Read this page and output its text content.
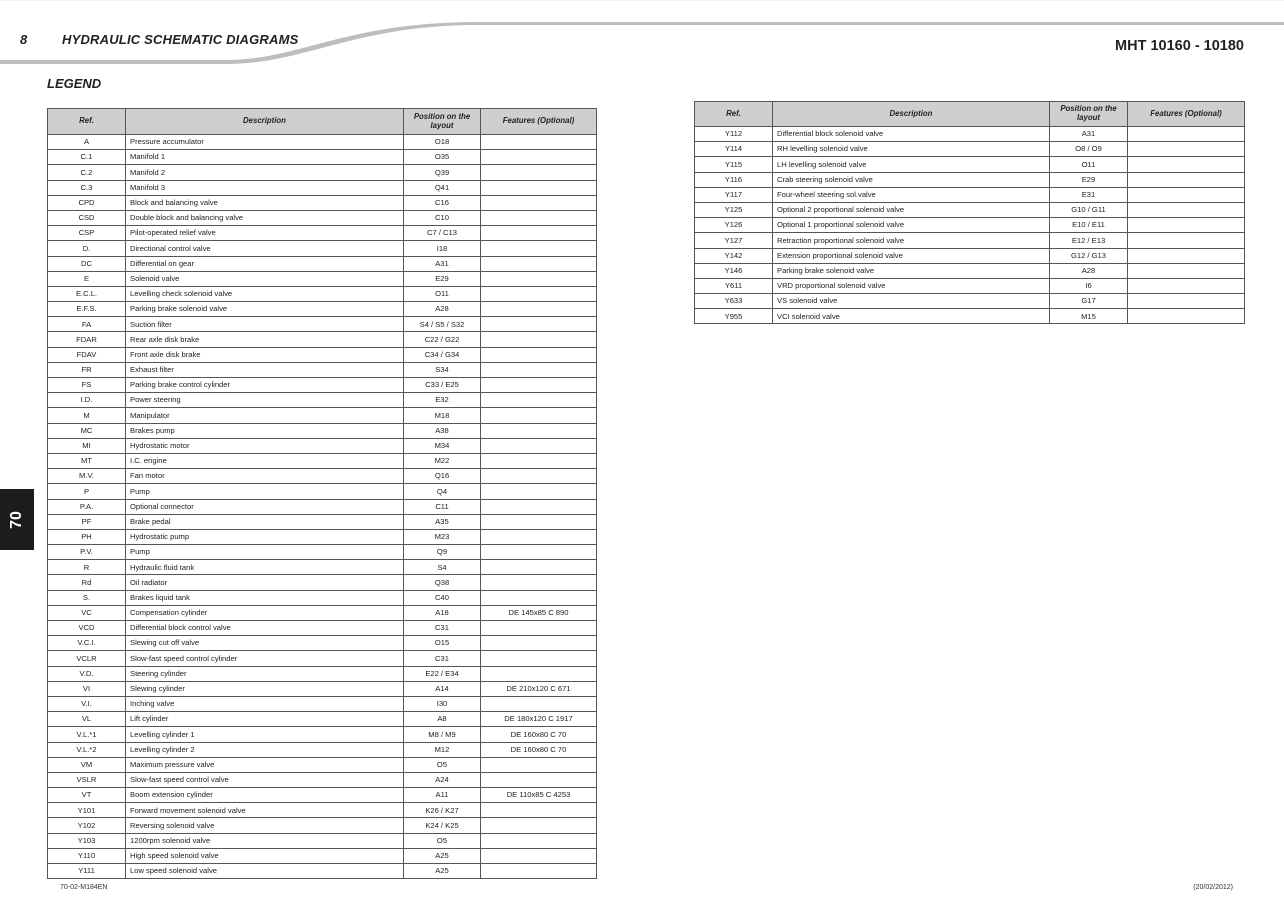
8	HYDRAULIC SCHEMATIC DIAGRAMS	MHT 10160 - 10180
LEGEND
70
Ref.	Description	Position on the layout	Features (Optional)
A	Pressure accumulator	O18	
C.1	Manifold 1	O35	
C.2	Manifold 2	Q39	
C.3	Manifold 3	Q41	
CPD	Block and balancing valve	C16	
CSD	Double block and balancing valve	C10	
CSP	Pilot-operated relief valve	C7 / C13	
D.	Directional control valve	I18	
DC	Differential on gear	A31	
E	Solenoid valve	E29	
E.C.L.	Levelling check solenoid valve	O11	
E.F.S.	Parking brake solenoid valve	A28	
FA	Suction filter	S4 / S5 / S32	
FDAR	Rear axle disk brake	C22 / G22	
FDAV	Front axle disk brake	C34 / G34	
FR	Exhaust filter	S34	
FS	Parking brake control cylinder	C33 / E25	
I.D.	Power steering	E32	
M	Manipulator	M18	
MC	Brakes pump	A38	
MI	Hydrostatic motor	M34	
MT	I.C. engine	M22	
M.V.	Fan motor	Q16	
P	Pump	Q4	
P.A.	Optional connector	C11	
PF	Brake pedal	A35	
PH	Hydrostatic pump	M23	
P.V.	Pump	Q9	
R	Hydraulic fluid tank	S4	
Rd	Oil radiator	Q38	
S.	Brakes liquid tank	C40	
VC	Compensation cylinder	A18	DE 145x85 C 890
VCD	Differential block control valve	C31	
V.C.I.	Slewing cut off valve	O15	
VCLR	Slow-fast speed control cylinder	C31	
V.D.	Steering cylinder	E22 / E34	
VI	Slewing cylinder	A14	DE 210x120 C 671
V.I.	Inching valve	I30	
VL	Lift cylinder	A8	DE 180x120 C 1917
V.L.*1	Levelling cylinder 1	M8 / M9	DE 160x80 C 70
V.L.*2	Levelling cylinder 2	M12	DE 160x80 C 70
VM	Maximum pressure valve	O5	
VSLR	Slow-fast speed control valve	A24	
VT	Boom extension cylinder	A11	DE 110x85 C 4253
Y101	Forward movement solenoid valve	K26 / K27	
Y102	Reversing solenoid valve	K24 / K25	
Y103	1200rpm solenoid valve	O5	
Y110	High speed solenoid valve	A25	
Y111	Low speed solenoid valve	A25	
Ref.	Description	Position on the layout	Features (Optional)
Y112	Differential block solenoid valve	A31	
Y114	RH levelling solenoid valve	O8 / O9	
Y115	LH levelling solenoid valve	O11	
Y116	Crab steering solenoid valve	E29	
Y117	Four-wheel steering sol.valve	E31	
Y125	Optional 2 proportional solenoid valve	G10 / G11	
Y126	Optional 1 proportional solenoid valve	E10 / E11	
Y127	Retraction proportional solenoid valve	E12 / E13	
Y142	Extension proportional solenoid valve	G12 / G13	
Y146	Parking brake solenoid valve	A28	
Y611	VRD proportional solenoid valve	I6	
Y633	VS solenoid valve	G17	
Y955	VCI solenoid valve	M15	
70-02-M184EN	(20/02/2012)
